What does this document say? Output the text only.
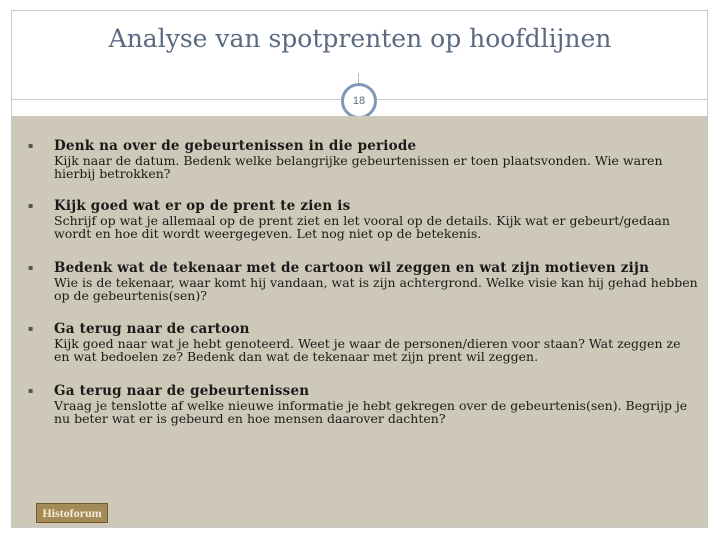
Analyse van spotprenten op hoofdlijnen
18
▪ Denk na over de gebeurtenissen in die periode
Kijk naar de datum. Bedenk welke belangrijke gebeurtenissen er toen plaatsvonden. Wie waren hierbij betrokken?
▪ Kijk goed wat er op de prent te zien is
Schrijf op wat je allemaal op de prent ziet en let vooral op de details. Kijk wat er gebeurt/gedaan wordt en hoe dit wordt weergegeven. Let nog niet op de betekenis.
▪ Bedenk wat de tekenaar met de cartoon wil zeggen en wat zijn motieven zijn
Wie is de tekenaar, waar komt hij vandaan, wat is zijn achtergrond. Welke visie kan hij gehad hebben op de gebeurtenis(sen)?
▪ Ga terug naar de cartoon
Kijk goed naar wat je hebt genoteerd. Weet je waar de personen/dieren voor staan? Wat zeggen ze en wat bedoelen ze? Bedenk dan wat de tekenaar met zijn prent wil zeggen.
▪ Ga terug naar de gebeurtenissen
Vraag je tenslotte af welke nieuwe informatie je hebt gekregen over de gebeurtenis(sen). Begrijp je nu beter wat er is gebeurd en hoe mensen daarover dachten?
Histoforum
